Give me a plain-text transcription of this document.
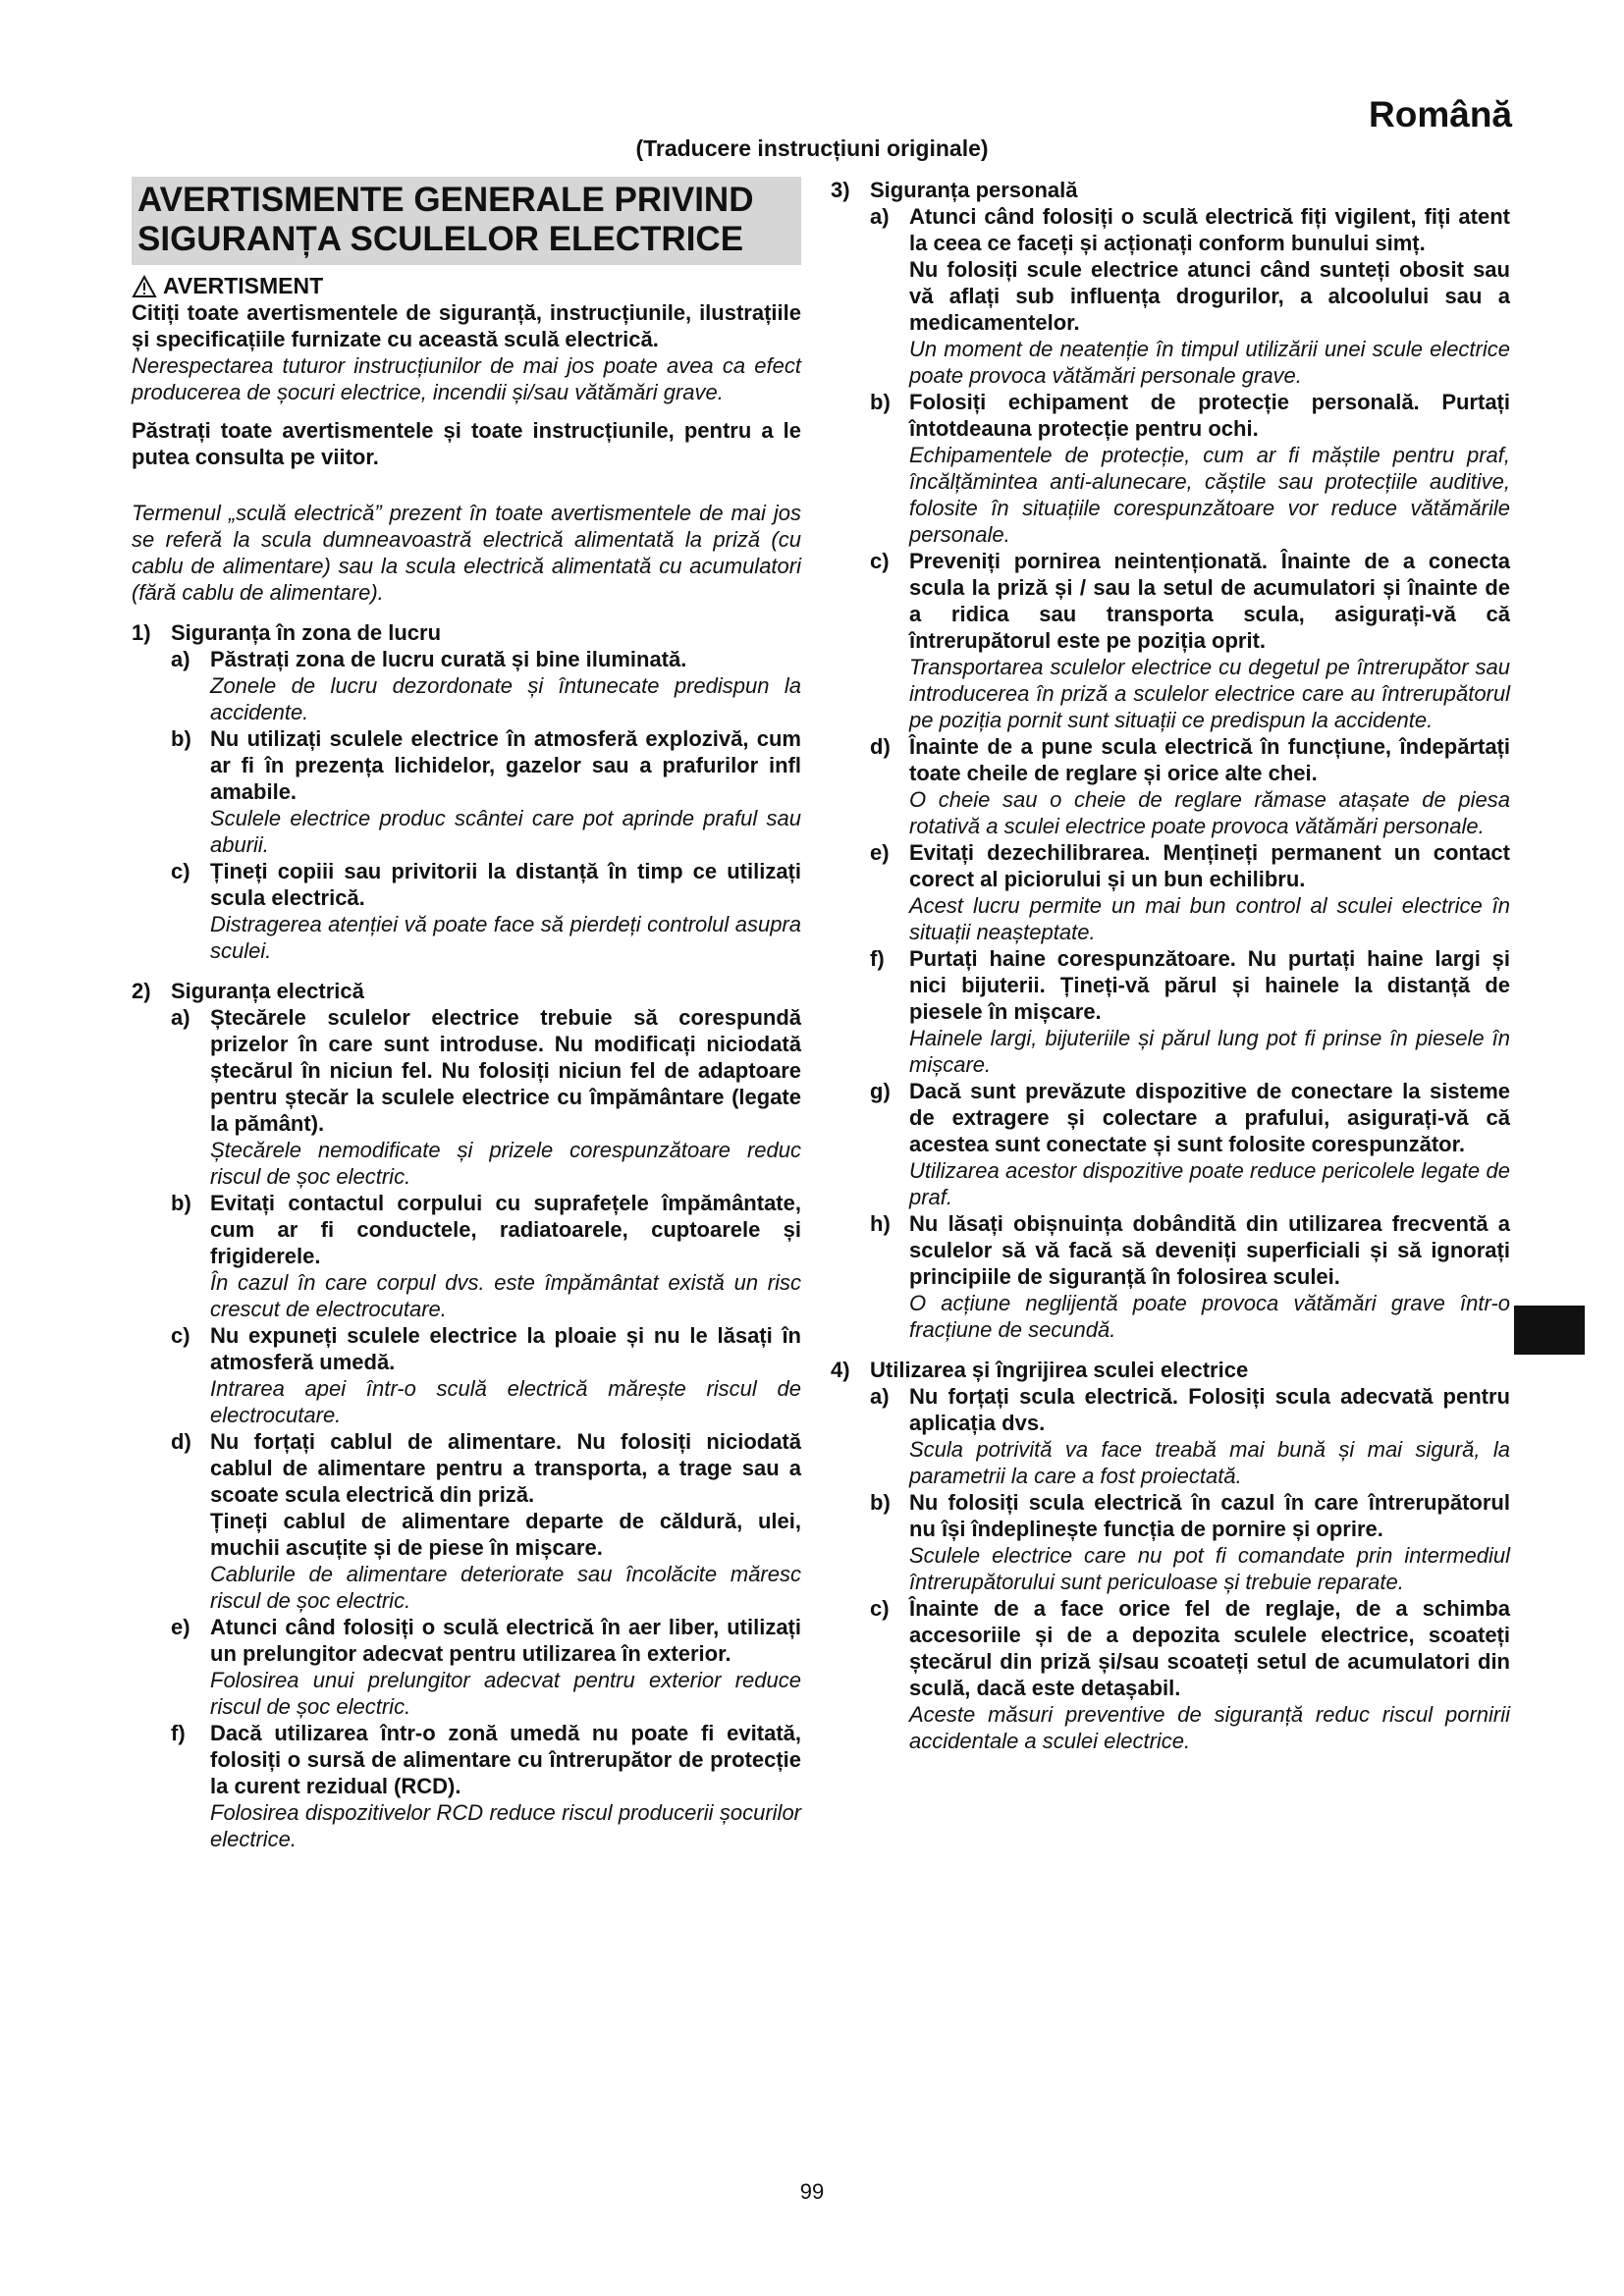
Română
(Traducere instrucțiuni originale)
AVERTISMENTE GENERALE PRIVIND
SIGURANȚA SCULELOR ELECTRICE
AVERTISMENT

Citiți toate avertismentele de siguranță, instrucțiunile, ilustrațiile și specificațiile furnizate cu această sculă electrică.

Nerespectarea tuturor instrucțiunilor de mai jos poate avea ca efect producerea de șocuri electrice, incendii și/sau vătămări grave.

Păstrați toate avertismentele și toate instrucțiunile, pentru a le putea consulta pe viitor.

Termenul „sculă electrică” prezent în toate avertismentele de mai jos se referă la scula dumneavoastră electrică alimentată la priză (cu cablu de alimentare) sau la scula electrică alimentată cu acumulatori (fără cablu de alimentare).

1) Siguranța în zona de lucru
a) Păstrați zona de lucru curată și bine iluminată.

Zonele de lucru dezordonate și întunecate predispun la accidente.

b) Nu utilizați sculele electrice în atmosferă explozivă, cum ar fi în prezența lichidelor, gazelor sau a prafurilor infl amabile.

Sculele electrice produc scântei care pot aprinde praful sau aburii.

c) Țineți copiii sau privitorii la distanță în timp ce utilizați scula electrică.

Distragerea atenției vă poate face să pierdeți controlul asupra sculei.

2) Siguranța electrică
a) Ștecărele sculelor electrice trebuie să corespundă prizelor în care sunt introduse. Nu modificați niciodată ștecărul în niciun fel. Nu folosiți niciun fel de adaptoare pentru ștecăr la sculele electrice cu împământare (legate la pământ).

Ștecărele nemodificate și prizele corespunzătoare reduc riscul de șoc electric.

b) Evitați contactul corpului cu suprafețele împământate, cum ar fi conductele, radiatoarele, cuptoarele și frigiderele.

În cazul în care corpul dvs. este împământat există un risc crescut de electrocutare.

c) Nu expuneți sculele electrice la ploaie și nu le lăsați în atmosferă umedă.

Intrarea apei într-o sculă electrică mărește riscul de electrocutare.

d) Nu forțați cablul de alimentare. Nu folosiți niciodată cablul de alimentare pentru a transporta, a trage sau a scoate scula electrică din priză.

Țineți cablul de alimentare departe de căldură, ulei, muchii ascuțite și de piese în mișcare.

Cablurile de alimentare deteriorate sau încolăcite măresc riscul de șoc electric.

e) Atunci când folosiți o sculă electrică în aer liber, utilizați un prelungitor adecvat pentru utilizarea în exterior.

Folosirea unui prelungitor adecvat pentru exterior reduce riscul de șoc electric.

f)	Dacă utilizarea într-o zonă umedă nu poate fi evitată, folosiți o sursă de alimentare cu întrerupător de protecție la curent rezidual (RCD).

Folosirea dispozitivelor RCD reduce riscul producerii șocurilor electrice.

3) Siguranța personală
a) Atunci când folosiți o sculă electrică fiți vigilent, fiți atent la ceea ce faceți și acționați conform bunului simț.

Nu folosiți scule electrice atunci când sunteți obosit sau vă aflați sub influența drogurilor, a alcoolului sau a medicamentelor.

Un moment de neatenție în timpul utilizării unei scule electrice poate provoca vătămări personale grave.

b) Folosiți echipament de protecție personală. Purtați întotdeauna protecție pentru ochi.

Echipamentele de protecție, cum ar fi măștile pentru praf, încălțămintea anti-alunecare, căștile sau protecțiile auditive, folosite în situațiile corespunzătoare vor reduce vătămările personale.

c) Preveniți pornirea neintenționată. Înainte de a conecta scula la priză și / sau la setul de acumulatori și înainte de a ridica sau transporta scula, asigurați-vă că întrerupătorul este pe poziția oprit.

Transportarea sculelor electrice cu degetul pe întrerupător sau introducerea în priză a sculelor electrice care au întrerupătorul pe poziția pornit sunt situații ce predispun la accidente.

d) Înainte de a pune scula electrică în funcțiune, îndepărtați toate cheile de reglare și orice alte chei.

O cheie sau o cheie de reglare rămase atașate de piesa rotativă a sculei electrice poate provoca vătămări personale.

e) Evitați dezechilibrarea. Mențineți permanent un contact corect al piciorului și un bun echilibru.

Acest lucru permite un mai bun control al sculei electrice în situații neașteptate.

f)	Purtați haine corespunzătoare. Nu purtați haine largi și nici bijuterii. Țineți-vă părul și hainele la distanță de piesele în mișcare.

Hainele largi, bijuteriile și părul lung pot fi prinse în piesele în mișcare.

g) Dacă sunt prevăzute dispozitive de conectare la sisteme de extragere și colectare a prafului, asigurați-vă că acestea sunt conectate și sunt folosite corespunzător.

Utilizarea acestor dispozitive poate reduce pericolele legate de praf.

h) Nu lăsați obișnuința dobândită din utilizarea frecventă a sculelor să vă facă să deveniți superficiali și să ignorați principiile de siguranță în folosirea sculei.

O acțiune neglijentă poate provoca vătămări grave într-o fracțiune de secundă.

4) Utilizarea și îngrijirea sculei electrice
a) Nu forțați scula electrică. Folosiți scula adecvată pentru aplicația dvs.

Scula potrivită va face treabă mai bună și mai sigură, la parametrii la care a fost proiectată.

b) Nu folosiți scula electrică în cazul în care întrerupătorul nu își îndeplinește funcția de pornire și oprire.

Sculele electrice care nu pot fi comandate prin intermediul întrerupătorului sunt periculoase și trebuie reparate.

c) Înainte de a face orice fel de reglaje, de a schimba accesoriile și de a depozita sculele electrice, scoateți ștecărul din priză și/sau scoateți setul de acumulatori din sculă, dacă este detașabil.

Aceste măsuri preventive de siguranță reduc riscul pornirii accidentale a sculei electrice.

99
